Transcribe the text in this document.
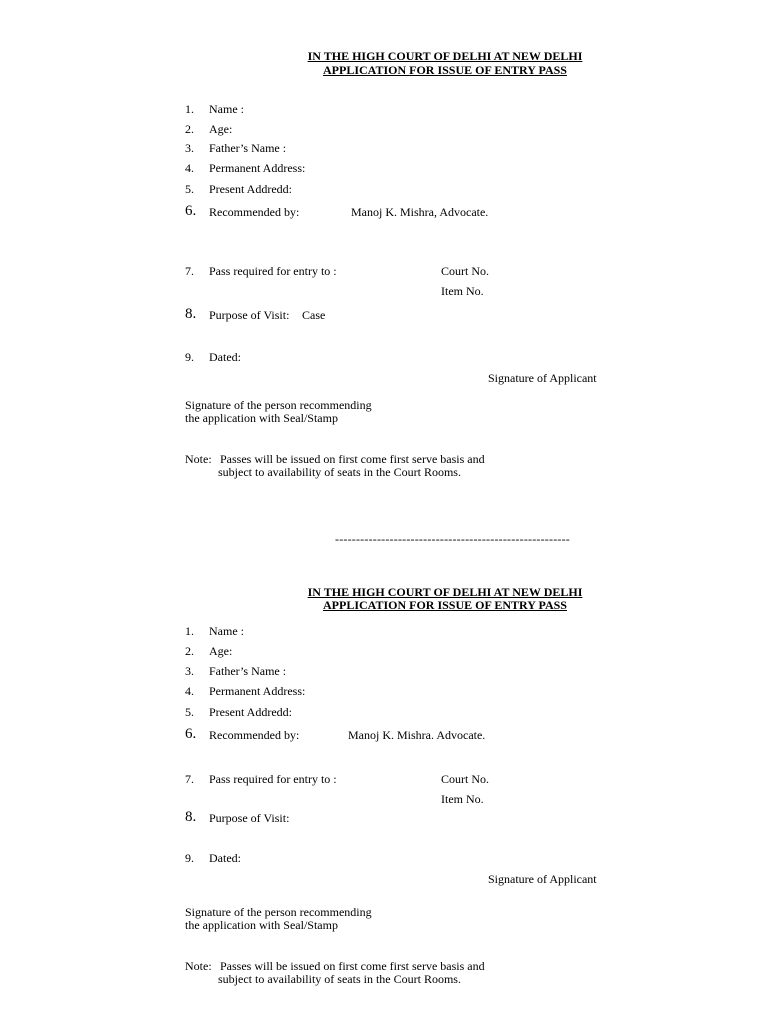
IN THE HIGH COURT OF DELHI AT NEW DELHI
APPLICATION FOR ISSUE OF ENTRY PASS
1. Name :
2. Age:
3. Father’s Name :
4. Permanent Address:
5. Present Addredd:
6. Recommended by:	Manoj K. Mishra, Advocate.
7. Pass required for entry to :	Court No.
Item No.
8. Purpose of Visit: Case
9. Dated:
Signature of Applicant
Signature of the person recommending
the application with Seal/Stamp
Note: Passes will be issued on first come first serve basis and
subject to availability of seats in the Court Rooms.
--------------------------------------------------------
IN THE HIGH COURT OF DELHI AT NEW DELHI
APPLICATION FOR ISSUE OF ENTRY PASS
1. Name :
2. Age:
3. Father’s Name :
4. Permanent Address:
5. Present Addredd:
6. Recommended by:	Manoj K. Mishra. Advocate.
7. Pass required for entry to :	Court No.
Item No.
8. Purpose of Visit:
9. Dated:
Signature of Applicant
Signature of the person recommending
the application with Seal/Stamp
Note: Passes will be issued on first come first serve basis and
subject to availability of seats in the Court Rooms.
